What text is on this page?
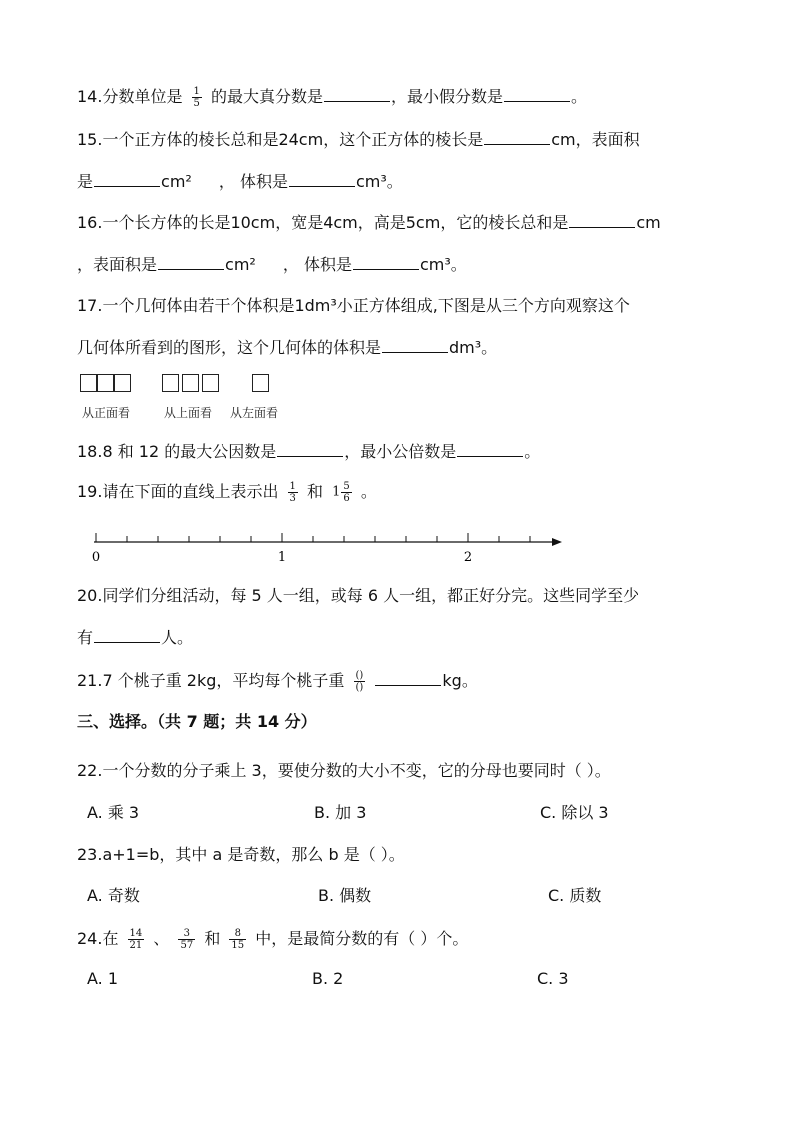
14.分数单位是 $\frac{1}{5}$ 的最大真分数是	，最小假分数是	。
15.一个正方体的棱长总和是24cm，这个正方体的棱长是	cm，表面积
是	cm² ， 体积是	cm³。
16.一个长方体的长是10cm，宽是4cm，高是5cm，它的棱长总和是	cm
，表面积是	cm² ， 体积是	cm³。
17.一个几何体由若干个体积是1dm³小正方体组成,下图是从三个方向观察这个
几何体所看到的图形，这个几何体的体积是	dm³。
从正面看	从上面看 从左面看
18.8 和 12 的最大公因数是	，最小公倍数是	。
19.请在下面的直线上表示出 $\frac{1}{3}$ 和 $1 \frac{5}{6}$ 。
0	1	2
20.同学们分组活动，每 5 人一组，或每 6 人一组，都正好分完。这些同学至少
有	人。
21.7 个桃子重 2kg，平均每个桃子重 $\frac{()}{()}$	kg。
三、选择。（共 7 题；共 14 分）
22.一个分数的分子乘上 3，要使分数的大小不变，它的分母也要同时（ ）。
A. 乘 3	B. 加 3	C. 除以 3
23.a+1=b，其中 a 是奇数，那么 b 是（ ）。
A. 奇数	B. 偶数	C. 质数
24.在 $\frac{14}{21}$ 、 $\frac{3}{57}$ 和 $\frac{8}{15}$ 中，是最简分数的有（ ）个。
A. 1	B. 2	C. 3
